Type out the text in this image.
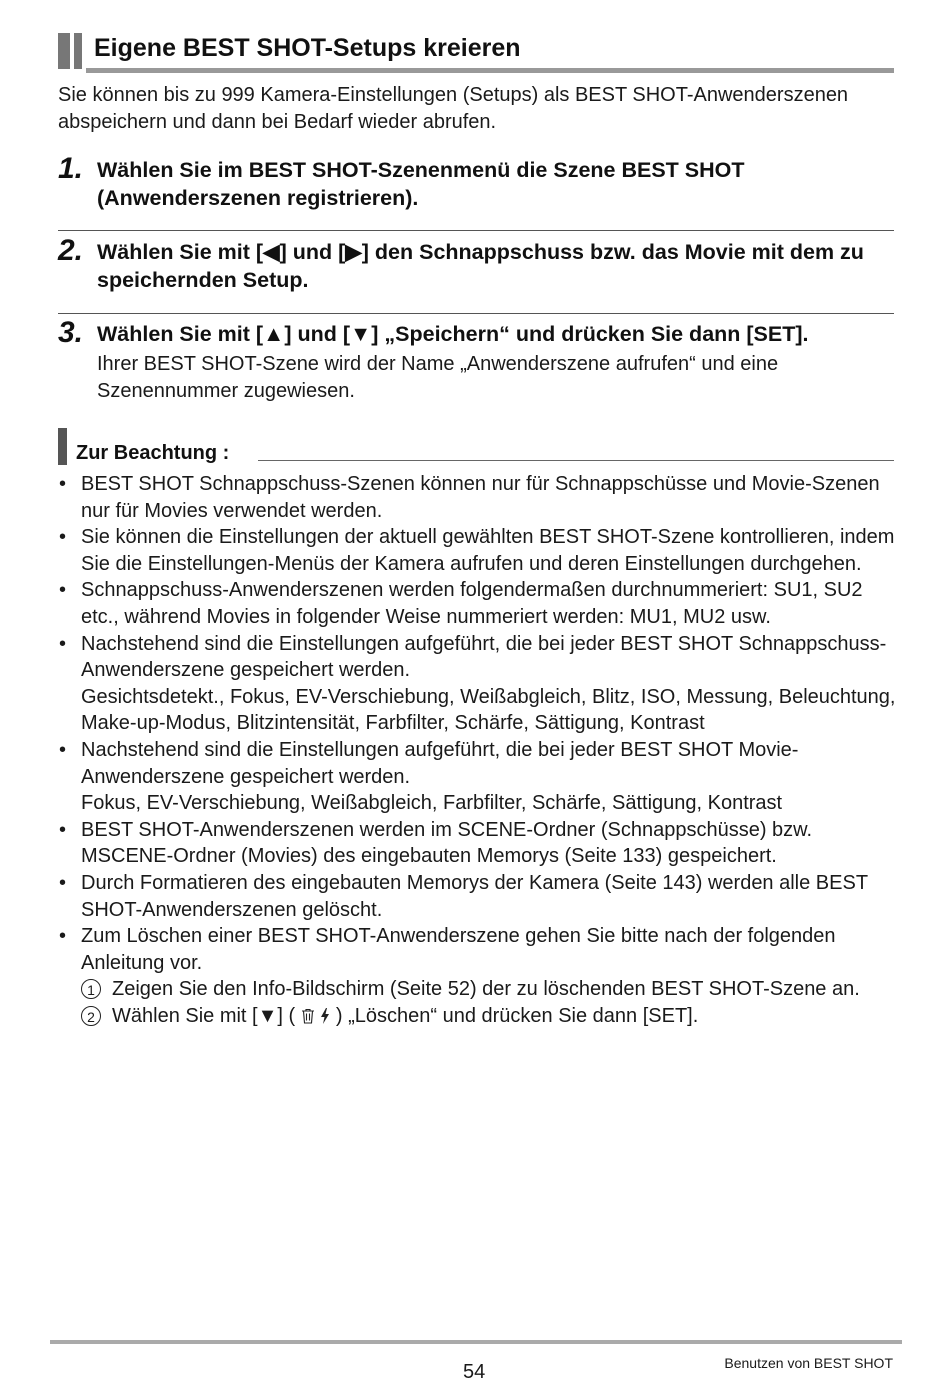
Eigene BEST SHOT-Setups kreieren
Sie können bis zu 999 Kamera-Einstellungen (Setups) als BEST SHOT-Anwenderszenen abspeichern und dann bei Bedarf wieder abrufen.
1. Wählen Sie im BEST SHOT-Szenenmenü die Szene BEST SHOT (Anwenderszenen registrieren).
2. Wählen Sie mit [◀] und [▶] den Schnappschuss bzw. das Movie mit dem zu speichernden Setup.
3. Wählen Sie mit [▲] und [▼] „Speichern“ und drücken Sie dann [SET].
Ihrer BEST SHOT-Szene wird der Name „Anwenderszene aufrufen“ und eine Szenennummer zugewiesen.
Zur Beachtung :
• BEST SHOT Schnappschuss-Szenen können nur für Schnappschüsse und Movie-Szenen nur für Movies verwendet werden.
• Sie können die Einstellungen der aktuell gewählten BEST SHOT-Szene kontrollieren, indem Sie die Einstellungen-Menüs der Kamera aufrufen und deren Einstellungen durchgehen.
• Schnappschuss-Anwenderszenen werden folgendermaßen durchnummeriert: SU1, SU2 etc., während Movies in folgender Weise nummeriert werden: MU1, MU2 usw.
• Nachstehend sind die Einstellungen aufgeführt, die bei jeder BEST SHOT Schnappschuss-Anwenderszene gespeichert werden.
Gesichtsdetekt., Fokus, EV-Verschiebung, Weißabgleich, Blitz, ISO, Messung, Beleuchtung, Make-up-Modus, Blitzintensität, Farbfilter, Schärfe, Sättigung, Kontrast
• Nachstehend sind die Einstellungen aufgeführt, die bei jeder BEST SHOT Movie-Anwenderszene gespeichert werden.
Fokus, EV-Verschiebung, Weißabgleich, Farbfilter, Schärfe, Sättigung, Kontrast
• BEST SHOT-Anwenderszenen werden im SCENE-Ordner (Schnappschüsse) bzw. MSCENE-Ordner (Movies) des eingebauten Memorys (Seite 133) gespeichert.
• Durch Formatieren des eingebauten Memorys der Kamera (Seite 143) werden alle BEST SHOT-Anwenderszenen gelöscht.
• Zum Löschen einer BEST SHOT-Anwenderszene gehen Sie bitte nach der folgenden Anleitung vor.
1 Zeigen Sie den Info-Bildschirm (Seite 52) der zu löschenden BEST SHOT-Szene an.
2 Wählen Sie mit [▼] ( ) „Löschen“ und drücken Sie dann [SET].
54	Benutzen von BEST SHOT
